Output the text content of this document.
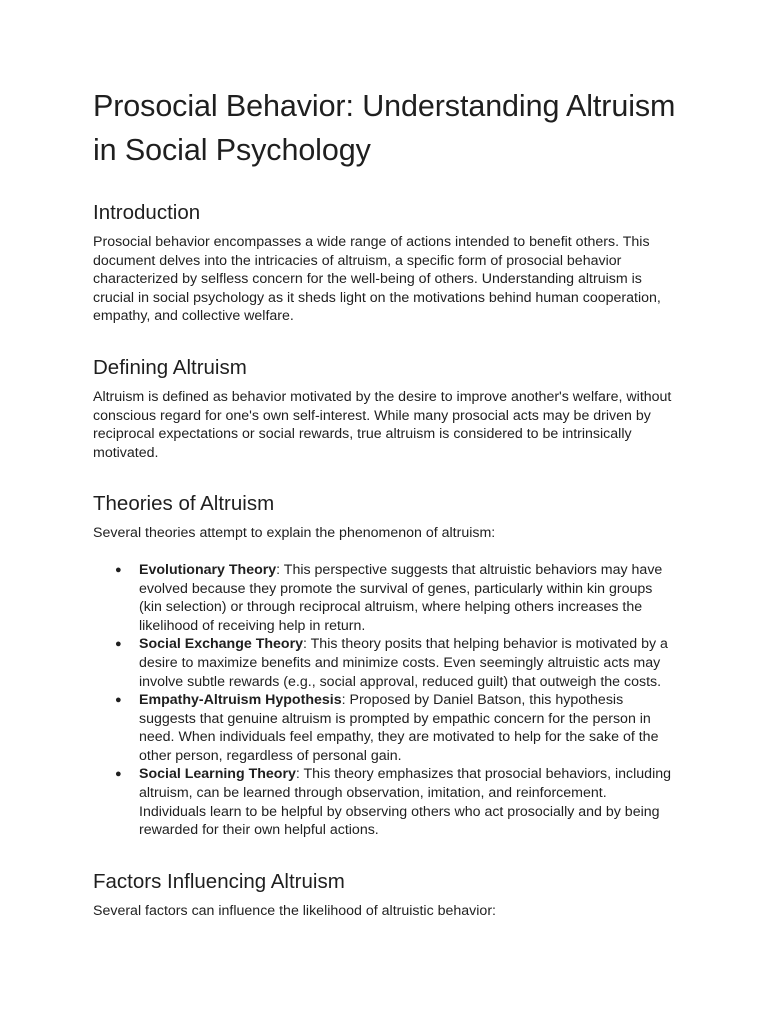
Prosocial Behavior: Understanding Altruism in Social Psychology
Introduction

Prosocial behavior encompasses a wide range of actions intended to benefit others. This document delves into the intricacies of altruism, a specific form of prosocial behavior characterized by selfless concern for the well-being of others. Understanding altruism is crucial in social psychology as it sheds light on the motivations behind human cooperation, empathy, and collective welfare.

Defining Altruism

Altruism is defined as behavior motivated by the desire to improve another's welfare, without conscious regard for one's own self-interest. While many prosocial acts may be driven by reciprocal expectations or social rewards, true altruism is considered to be intrinsically motivated.

Theories of Altruism

Several theories attempt to explain the phenomenon of altruism:

● Evolutionary Theory: This perspective suggests that altruistic behaviors may have evolved because they promote the survival of genes, particularly within kin groups (kin selection) or through reciprocal altruism, where helping others increases the likelihood of receiving help in return.
● Social Exchange Theory: This theory posits that helping behavior is motivated by a desire to maximize benefits and minimize costs. Even seemingly altruistic acts may involve subtle rewards (e.g., social approval, reduced guilt) that outweigh the costs.
● Empathy-Altruism Hypothesis: Proposed by Daniel Batson, this hypothesis suggests that genuine altruism is prompted by empathic concern for the person in need. When individuals feel empathy, they are motivated to help for the sake of the other person, regardless of personal gain.
● Social Learning Theory: This theory emphasizes that prosocial behaviors, including altruism, can be learned through observation, imitation, and reinforcement. Individuals learn to be helpful by observing others who act prosocially and by being rewarded for their own helpful actions.
Factors Influencing Altruism

Several factors can influence the likelihood of altruistic behavior:
